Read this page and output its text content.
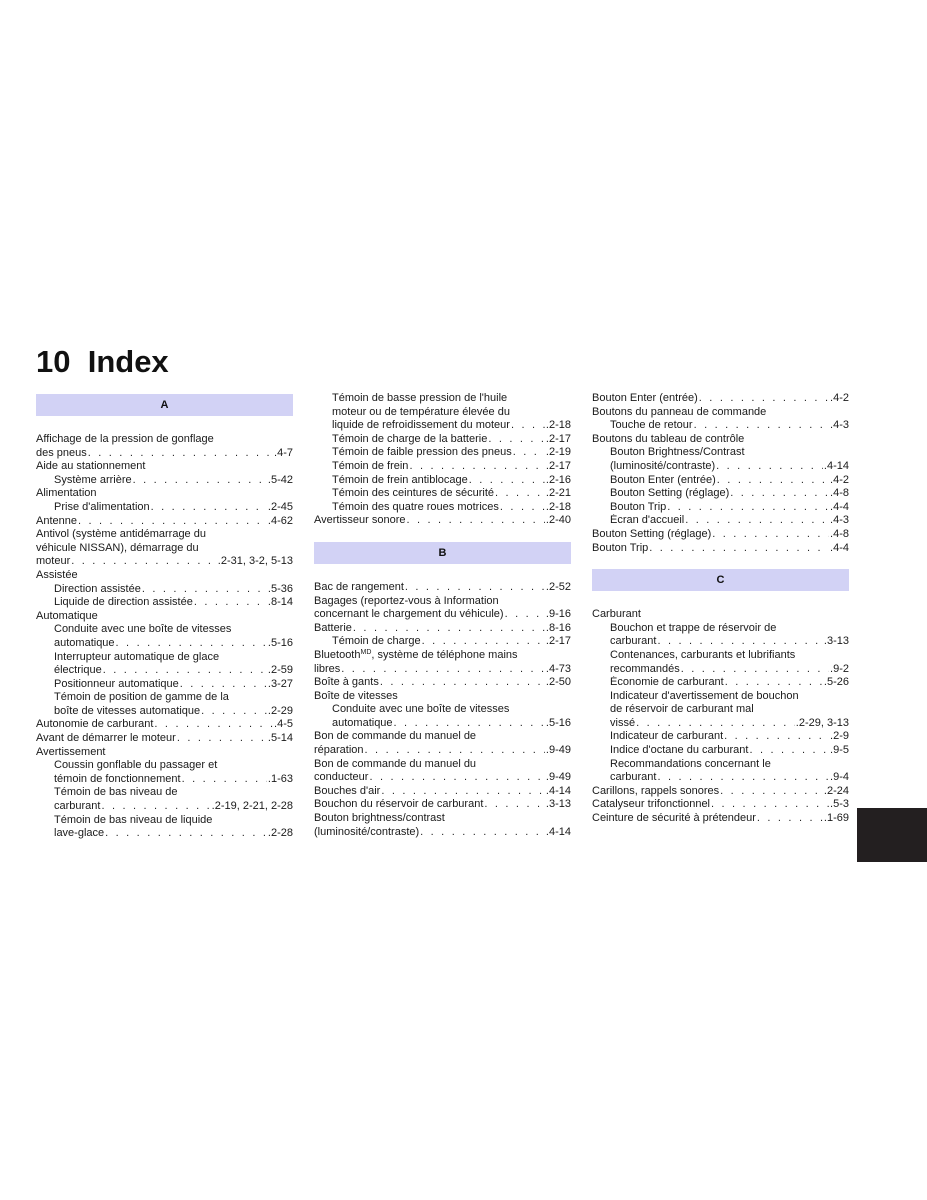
10  Index
A
Affichage de la pression de gonflage
des pneus . . .	.4-7
Aide au stationnement
Système arrière . . .	.5-42
Alimentation
Prise d'alimentation . . .	.2-45
Antenne . . .	.4-62
Antivol (système antidémarrage du
véhicule NISSAN), démarrage du
moteur . . .	.2-31, 3-2, 5-13
Assistée
Direction assistée . . .	.5-36
Liquide de direction assistée . . .	.8-14
Automatique
Conduite avec une boîte de vitesses
automatique . . .	.5-16
Interrupteur automatique de glace
électrique . . .	.2-59
Positionneur automatique . . .	.3-27
Témoin de position de gamme de la
boîte de vitesses automatique . . .	.2-29
Autonomie de carburant . . .	.4-5
Avant de démarrer le moteur . . .	.5-14
Avertissement
Coussin gonflable du passager et
témoin de fonctionnement . . .	.1-63
Témoin de bas niveau de
carburant . . .	.2-19, 2-21, 2-28
Témoin de bas niveau de liquide
lave-glace . . .	.2-28
Témoin de basse pression de l'huile
moteur ou de température élevée du
liquide de refroidissement du moteur . . .	.2-18
Témoin de charge de la batterie . . .	.2-17
Témoin de faible pression des pneus . . .	.2-19
Témoin de frein . . .	.2-17
Témoin de frein antiblocage . . .	.2-16
Témoin des ceintures de sécurité . . .	.2-21
Témoin des quatre roues motrices . . .	.2-18
Avertisseur sonore . . .	.2-40
B
Bac de rangement . . .	.2-52
Bagages (reportez-vous à Information
concernant le chargement du véhicule) . . .	.9-16
Batterie . . .	.8-16
Témoin de charge . . .	.2-17
Bluetooth$^{MD}$, système de téléphone mains
libres . . .	.4-73
Boîte à gants . . .	.2-50
Boîte de vitesses
Conduite avec une boîte de vitesses
automatique . . .	.5-16
Bon de commande du manuel de
réparation . . .	.9-49
Bon de commande du manuel du
conducteur . . .	.9-49
Bouches d'air . . .	.4-14
Bouchon du réservoir de carburant . . .	.3-13
Bouton brightness/contrast
(luminosité/contraste) . . .	.4-14
Bouton Enter (entrée) . . .	.4-2
Boutons du panneau de commande
Touche de retour . . .	.4-3
Boutons du tableau de contrôle
Bouton Brightness/Contrast
(luminosité/contraste) . . .	.4-14
Bouton Enter (entrée) . . .	.4-2
Bouton Setting (réglage) . . .	.4-8
Bouton Trip . . .	.4-4
Écran d'accueil . . .	.4-3
Bouton Setting (réglage) . . .	.4-8
Bouton Trip . . .	.4-4
C
Carburant
Bouchon et trappe de réservoir de
carburant . . .	.3-13
Contenances, carburants et lubrifiants
recommandés . . .	.9-2
Économie de carburant . . .	.5-26
Indicateur d'avertissement de bouchon
de réservoir de carburant mal
vissé . . .	.2-29, 3-13
Indicateur de carburant . . .	.2-9
Indice d'octane du carburant . . .	.9-5
Recommandations concernant le
carburant . . .	.9-4
Carillons, rappels sonores . . .	.2-24
Catalyseur trifonctionnel . . .	.5-3
Ceinture de sécurité à prétendeur . . .	.1-69
